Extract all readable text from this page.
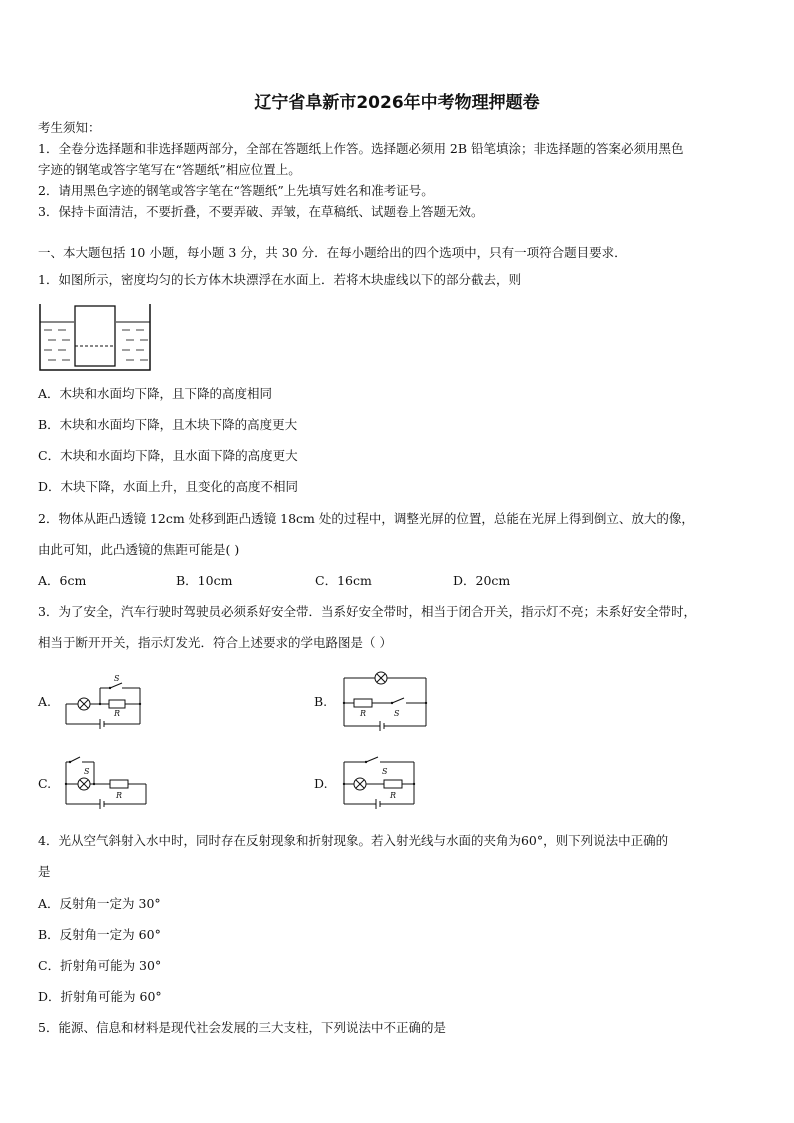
辽宁省阜新市2026年中考物理押题卷
考生须知：
1．全卷分选择题和非选择题两部分，全部在答题纸上作答。选择题必须用 2B 铅笔填涂；非选择题的答案必须用黑色
字迹的钢笔或答字笔写在“答题纸”相应位置上。
2．请用黑色字迹的钢笔或答字笔在“答题纸”上先填写姓名和准考证号。
3．保持卡面清洁，不要折叠，不要弄破、弄皱，在草稿纸、试题卷上答题无效。
一、本大题包括 10 小题，每小题 3 分，共 30 分．在每小题给出的四个选项中，只有一项符合题目要求．
1．如图所示，密度均匀的长方体木块漂浮在水面上．若将木块虚线以下的部分截去，则
A．木块和水面均下降，且下降的高度相同
B．木块和水面均下降，且木块下降的高度更大
C．木块和水面均下降，且水面下降的高度更大
D．木块下降，水面上升，且变化的高度不相同
2．物体从距凸透镜 12cm 处移到距凸透镜 18cm 处的过程中，调整光屏的位置，总能在光屏上得到倒立、放大的像，
由此可知，此凸透镜的焦距可能是( )
A．6cm	B．10cm	C．16cm	D．20cm
3．为了安全，汽车行驶时驾驶员必须系好安全带．当系好安全带时，相当于闭合开关，指示灯不亮；未系好安全带时，
相当于断开开关，指示灯发光．符合上述要求的学电路图是（ ）
A.
S
R
B.
R	S
C.
S
R
D.
S
R
4．光从空气斜射入水中时，同时存在反射现象和折射现象。若入射光线与水面的夹角为60°，则下列说法中正确的
是
A．反射角一定为 30°
B．反射角一定为 60°
C．折射角可能为 30°
D．折射角可能为 60°
5．能源、信息和材料是现代社会发展的三大支柱，下列说法中不正确的是
